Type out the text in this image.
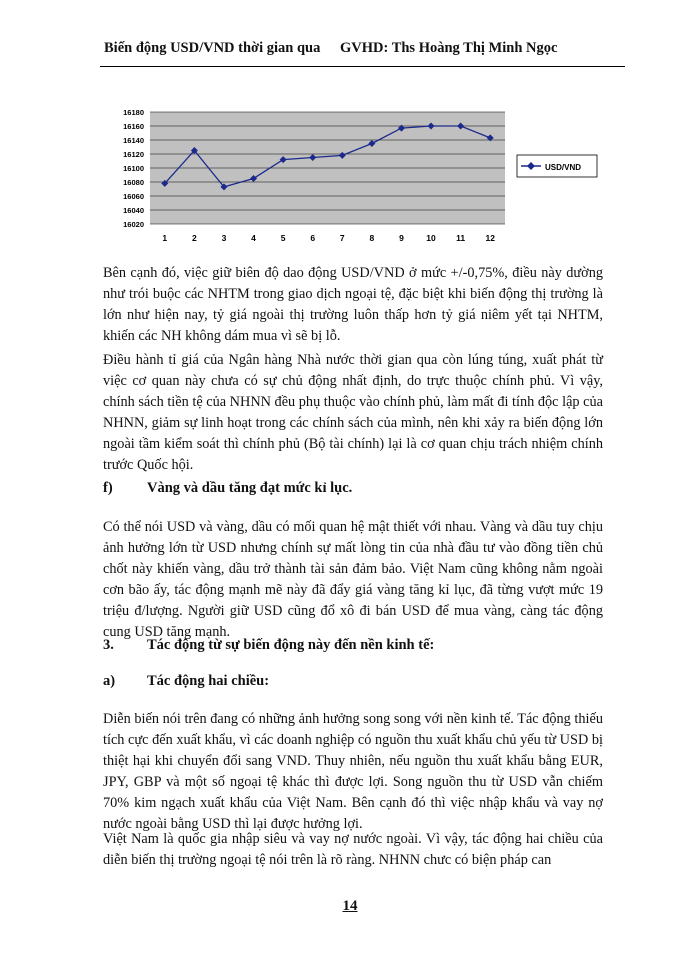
Biến động USD/VND thời gian qua GVHD: Ths Hoàng Thị Minh Ngọc
16020
16040
16060
16080
16100
16120
16140
16160
16180
1	2	3	4	5	6	7	8	9	10 11 12
USD/VND

Bên cạnh đó, việc giữ biên độ dao động USD/VND ở mức +/-0,75%, điều này dường như trói buộc các NHTM trong giao dịch ngoại tệ, đặc biệt khi biến động thị trường là lớn như hiện nay, tỷ giá ngoài thị trường luôn thấp hơn tỷ giá niêm yết tại NHTM, khiến các NH không dám mua vì sẽ bị lỗ.

Điều hành tỉ giá của Ngân hàng Nhà nước thời gian qua còn lúng túng, xuất phát từ việc cơ quan này chưa có sự chủ động nhất định, do trực thuộc chính phủ. Vì vậy, chính sách tiền tệ của NHNN đều phụ thuộc vào chính phủ, làm mất đi tính độc lập của NHNN, giảm sự linh hoạt trong các chính sách của mình, nên khi xảy ra biến động lớn ngoài tầm kiểm soát thì chính phủ (Bộ tài chính) lại là cơ quan chịu trách nhiệm chính trước Quốc hội.

f) Vàng và dầu tăng đạt mức kỉ lục.

Có thể nói USD và vàng, dầu có mối quan hệ mật thiết với nhau. Vàng và dầu tuy chịu ảnh hưởng lớn từ USD nhưng chính sự mất lòng tin của nhà đầu tư vào đồng tiền chủ chốt này khiến vàng, dầu trở thành tài sản đảm bảo. Việt Nam cũng không nằm ngoài cơn bão ấy, tác động mạnh mẽ này đã đẩy giá vàng tăng kỉ lục, đã từng vượt mức 19 triệu đ/lượng. Người giữ USD cũng đổ xô đi bán USD để mua vàng, càng tác động cung USD tăng mạnh.

3. Tác động từ sự biến động này đến nền kinh tế:

a) Tác động hai chiều:

Diễn biến nói trên đang có những ảnh hưởng song song với nền kinh tế. Tác động thiếu tích cực đến xuất khẩu, vì các doanh nghiệp có nguồn thu xuất khẩu chủ yếu từ USD bị thiệt hại khi chuyển đổi sang VND. Thuy nhiên, nếu nguồn thu xuất khẩu bằng EUR, JPY, GBP và một số ngoại tệ khác thì được lợi. Song nguồn thu từ USD vẫn chiếm 70% kim ngạch xuất khẩu của Việt Nam. Bên cạnh đó thì việc nhập khẩu và vay nợ nước ngoài bằng USD thì lại được hưởng lợi.

Việt Nam là quốc gia nhập siêu và vay nợ nước ngoài. Vì vậy, tác động hai chiều của diễn biến thị trường ngoại tệ nói trên là rõ ràng. NHNN chưc có biện pháp can

14
